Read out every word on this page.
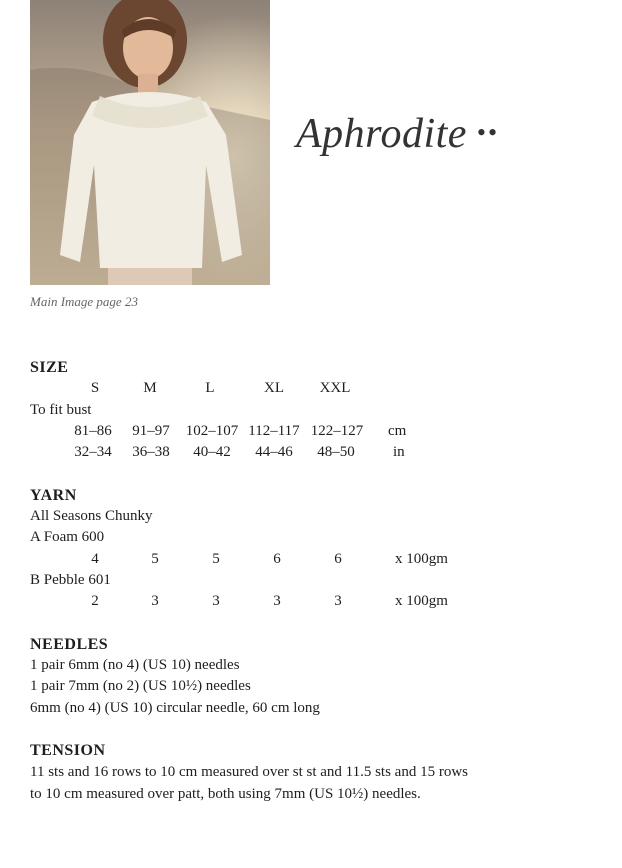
Main Image page 23
Aphrodite ••
SIZE
S	M	L	XL	XXL
To fit bust
81–86	91–97	102–107 112–117 122–127	cm
32–34	36–38	40–42	44–46	48–50	in
YARN
All Seasons Chunky
A Foam 600
4	5	5	6	6	x 100gm
B Pebble 601
2	3	3	3	3	x 100gm
NEEDLES
1 pair 6mm (no 4) (US 10) needles
1 pair 7mm (no 2) (US 10½) needles
6mm (no 4) (US 10) circular needle, 60 cm long
TENSION
11 sts and 16 rows to 10 cm measured over st st and 11.5 sts and 15 rows
to 10 cm measured over patt, both using 7mm (US 10½) needles.
